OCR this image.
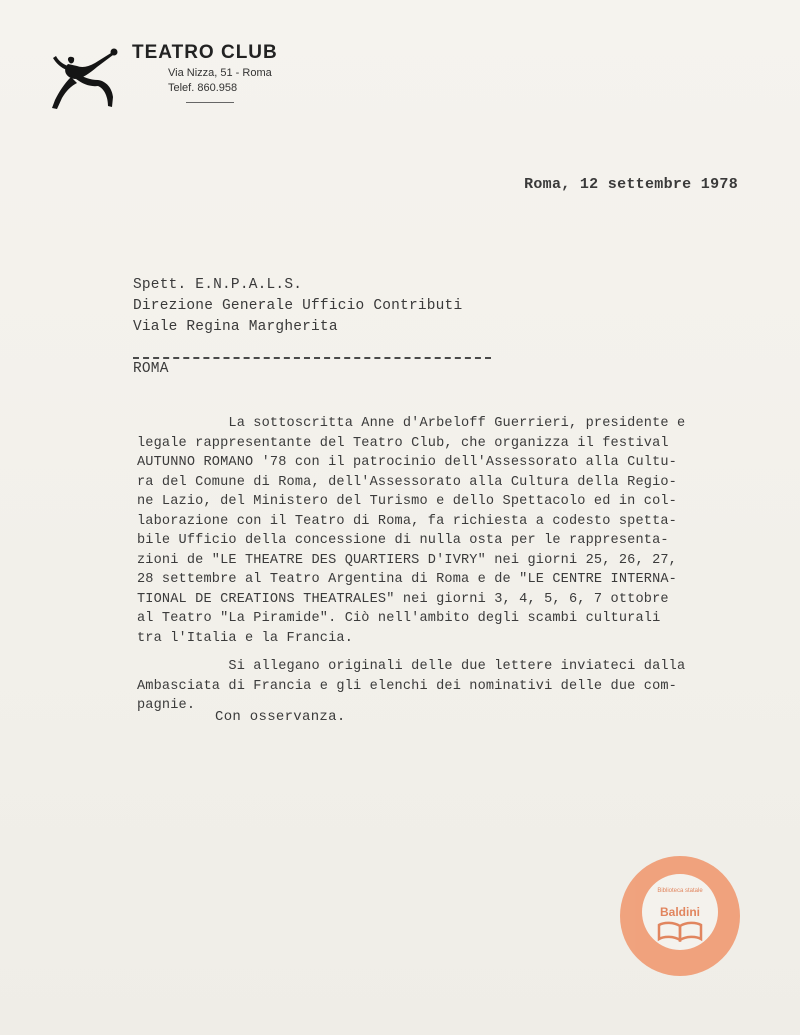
TEATRO CLUB
Via Nizza, 51 - Roma
Telef. 860.958
Roma, 12 settembre 1978
Spett. E.N.P.A.L.S.
Direzione Generale Ufficio Contributi
Viale Regina Margherita

ROMA
La sottoscritta Anne d'Arbeloff Guerrieri, presidente e
legale rappresentante del Teatro Club, che organizza il festival
AUTUNNO ROMANO '78 con il patrocinio dell'Assessorato alla Cultu-
ra del Comune di Roma, dell'Assessorato alla Cultura della Regio-
ne Lazio, del Ministero del Turismo e dello Spettacolo ed in col-
laborazione con il Teatro di Roma, fa richiesta a codesto spetta-
bile Ufficio della concessione di nulla osta per le rappresenta-
zioni de "LE THEATRE DES QUARTIERS D'IVRY" nei giorni 25, 26, 27,
28 settembre al Teatro Argentina di Roma e de "LE CENTRE INTERNA-
TIONAL DE CREATIONS THEATRALES" nei giorni 3, 4, 5, 6, 7 ottobre
al Teatro "La Piramide". Ciò nell'ambito degli scambi culturali
tra l'Italia e la Francia.
Si allegano originali delle due lettere inviateci dalla
Ambasciata di Francia e gli elenchi dei nominativi delle due com-
pagnie.
Con osservanza.
Biblioteca statale
Baldini
